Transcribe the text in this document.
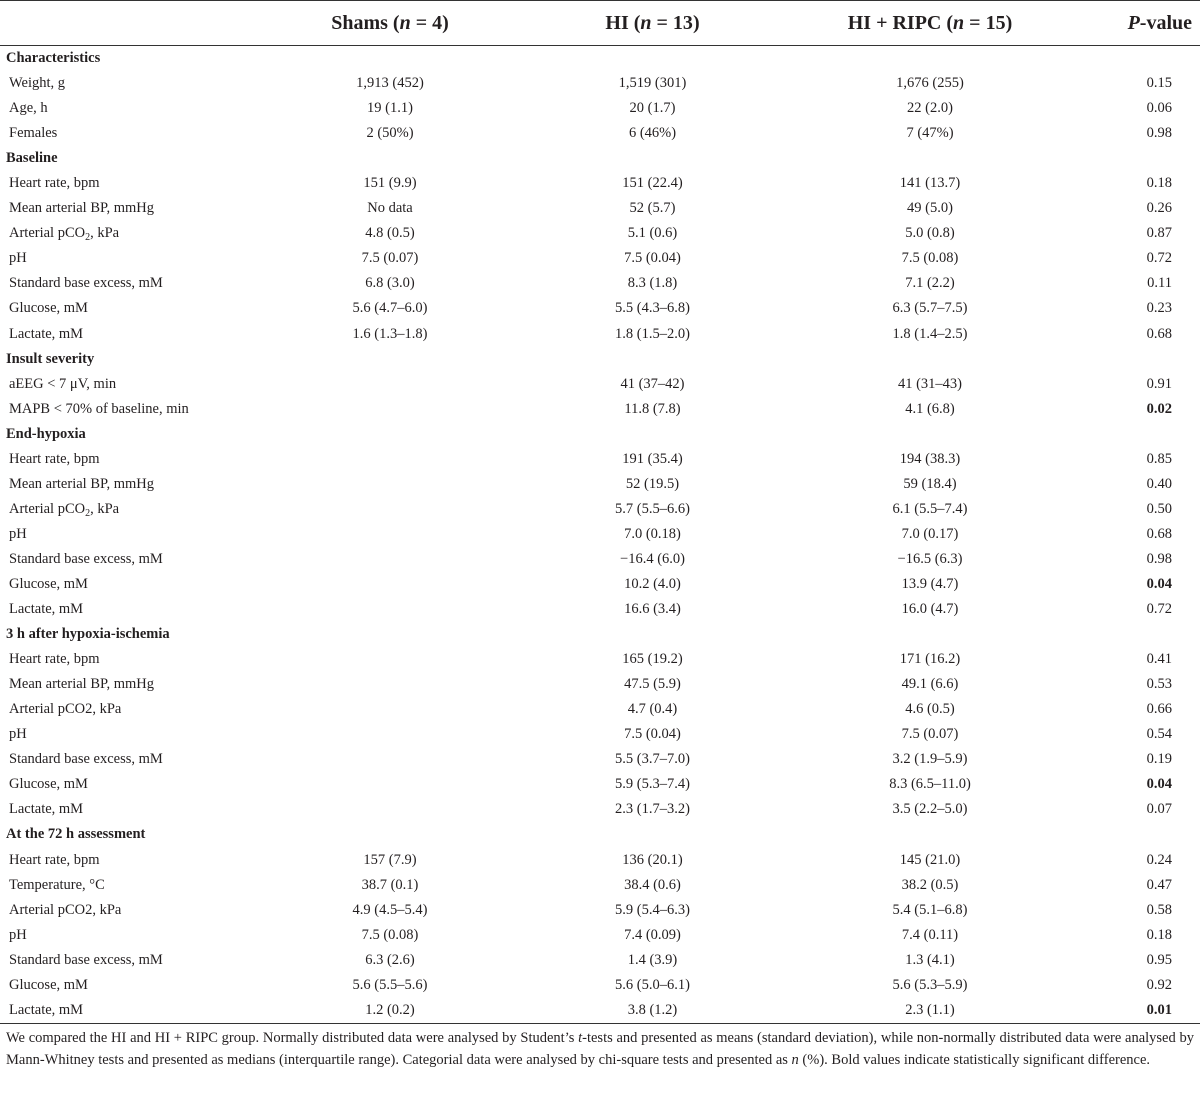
	Shams (n = 4)	HI (n = 13)	HI + RIPC (n = 15)	P-value
Characteristics				
Weight, g	1,913 (452)	1,519 (301)	1,676 (255)	0.15
Age, h	19 (1.1)	20 (1.7)	22 (2.0)	0.06
Females	2 (50%)	6 (46%)	7 (47%)	0.98
Baseline				
Heart rate, bpm	151 (9.9)	151 (22.4)	141 (13.7)	0.18
Mean arterial BP, mmHg	No data	52 (5.7)	49 (5.0)	0.26
Arterial pCO$_2$, kPa	4.8 (0.5)	5.1 (0.6)	5.0 (0.8)	0.87
pH	7.5 (0.07)	7.5 (0.04)	7.5 (0.08)	0.72
Standard base excess, mM	6.8 (3.0)	8.3 (1.8)	7.1 (2.2)	0.11
Glucose, mM	5.6 (4.7–6.0)	5.5 (4.3–6.8)	6.3 (5.7–7.5)	0.23
Lactate, mM	1.6 (1.3–1.8)	1.8 (1.5–2.0)	1.8 (1.4–2.5)	0.68
Insult severity				
aEEG < 7 μV, min		41 (37–42)	41 (31–43)	0.91
MAPB < 70% of baseline, min		11.8 (7.8)	4.1 (6.8)	0.02
End-hypoxia				
Heart rate, bpm		191 (35.4)	194 (38.3)	0.85
Mean arterial BP, mmHg		52 (19.5)	59 (18.4)	0.40
Arterial pCO$_2$, kPa		5.7 (5.5–6.6)	6.1 (5.5–7.4)	0.50
pH		7.0 (0.18)	7.0 (0.17)	0.68
Standard base excess, mM		−16.4 (6.0)	−16.5 (6.3)	0.98
Glucose, mM		10.2 (4.0)	13.9 (4.7)	0.04
Lactate, mM		16.6 (3.4)	16.0 (4.7)	0.72
3 h after hypoxia-ischemia				
Heart rate, bpm		165 (19.2)	171 (16.2)	0.41
Mean arterial BP, mmHg		47.5 (5.9)	49.1 (6.6)	0.53
Arterial pCO2, kPa		4.7 (0.4)	4.6 (0.5)	0.66
pH		7.5 (0.04)	7.5 (0.07)	0.54
Standard base excess, mM		5.5 (3.7–7.0)	3.2 (1.9–5.9)	0.19
Glucose, mM		5.9 (5.3–7.4)	8.3 (6.5–11.0)	0.04
Lactate, mM		2.3 (1.7–3.2)	3.5 (2.2–5.0)	0.07
At the 72 h assessment				
Heart rate, bpm	157 (7.9)	136 (20.1)	145 (21.0)	0.24
Temperature, °C	38.7 (0.1)	38.4 (0.6)	38.2 (0.5)	0.47
Arterial pCO2, kPa	4.9 (4.5–5.4)	5.9 (5.4–6.3)	5.4 (5.1–6.8)	0.58
pH	7.5 (0.08)	7.4 (0.09)	7.4 (0.11)	0.18
Standard base excess, mM	6.3 (2.6)	1.4 (3.9)	1.3 (4.1)	0.95
Glucose, mM	5.6 (5.5–5.6)	5.6 (5.0–6.1)	5.6 (5.3–5.9)	0.92
Lactate, mM	1.2 (0.2)	3.8 (1.2)	2.3 (1.1)	0.01
We compared the HI and HI + RIPC group. Normally distributed data were analysed by Student’s t-tests and presented as means (standard deviation), while non-normally distributed data were analysed by Mann-Whitney tests and presented as medians (interquartile range). Categorial data were analysed by chi-square tests and presented as n (%). Bold values indicate statistically significant difference.
